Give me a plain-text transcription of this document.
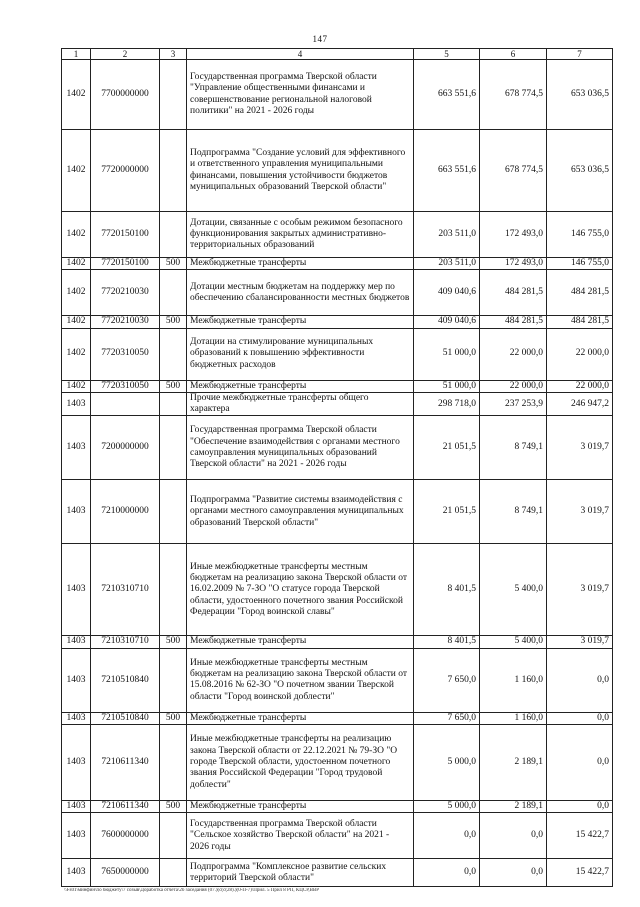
147
1	2	3	4	5	6	7
1402	7700000000		Государственная программа Тверской области "Управление общественными финансами и совершенствование региональной налоговой политики" на 2021 - 2026 годы	663 551,6	678 774,5	653 036,5
1402	7720000000		Подпрограмма "Создание условий для эффективного и ответственного управления муниципальными финансами, повышения устойчивости бюджетов муниципальных образований Тверской области"	663 551,6	678 774,5	653 036,5
1402	7720150100		Дотации, связанные с особым режимом безопасного функционирования закрытых административно-территориальных образований	203 511,0	172 493,0	146 755,0
1402	7720150100	500	Межбюджетные трансферты	203 511,0	172 493,0	146 755,0
1402	7720210030		Дотации местным бюджетам на поддержку мер по обеспечению сбалансированности местных бюджетов	409 040,6	484 281,5	484 281,5
1402	7720210030	500	Межбюджетные трансферты	409 040,6	484 281,5	484 281,5
1402	7720310050		Дотации на стимулирование муниципальных образований к повышению эффективности бюджетных расходов	51 000,0	22 000,0	22 000,0
1402	7720310050	500	Межбюджетные трансферты	51 000,0	22 000,0	22 000,0
1403			Прочие межбюджетные трансферты общего характера	298 718,0	237 253,9	246 947,2
1403	7200000000		Государственная программа Тверской области "Обеспечение взаимодействия с органами местного самоуправления муниципальных образований Тверской области" на 2021 - 2026 годы	21 051,5	8 749,1	3 019,7
1403	7210000000		Подпрограмма "Развитие системы взаимодействия с органами местного самоуправления муниципальных образований Тверской области"	21 051,5	8 749,1	3 019,7
1403	7210310710		Иные межбюджетные трансферты местным бюджетам на реализацию закона Тверской области от 16.02.2009 № 7-ЗО "О статусе города Тверской области, удостоенного почетного звания Российской Федерации "Город воинской славы"	8 401,5	5 400,0	3 019,7
1403	7210310710	500	Межбюджетные трансферты	8 401,5	5 400,0	3 019,7
1403	7210510840		Иные межбюджетные трансферты местным бюджетам на реализацию закона Тверской области от 15.08.2016 № 62-ЗО "О почетном звании Тверской области "Город воинской доблести"	7 650,0	1 160,0	0,0
1403	7210510840	500	Межбюджетные трансферты	7 650,0	1 160,0	0,0
1403	7210611340		Иные межбюджетные трансферты на реализацию закона Тверской области от 22.12.2021 № 79-ЗО "О городе Тверской области, удостоенном почетного звания Российской Федерации "Город трудовой доблести"	5 000,0	2 189,1	0,0
1403	7210611340	500	Межбюджетные трансферты	5 000,0	2 189,1	0,0
1403	7600000000		Государственная программа Тверской области "Сельское хозяйство Тверской области" на 2021 - 2026 годы	0,0	0,0	15 422,7
1403	7650000000		Подпрограмма "Комплексное развитие сельских территорий Тверской области"	0,0	0,0	15 422,7
\\Fs01\минфин\по бюджету\7 созыв\Доработка отчета\2б заседания (07.)(с(с(28).)(0-П-7)\Прил. 5 Прил 8 РП, КЦСР,ВВР
